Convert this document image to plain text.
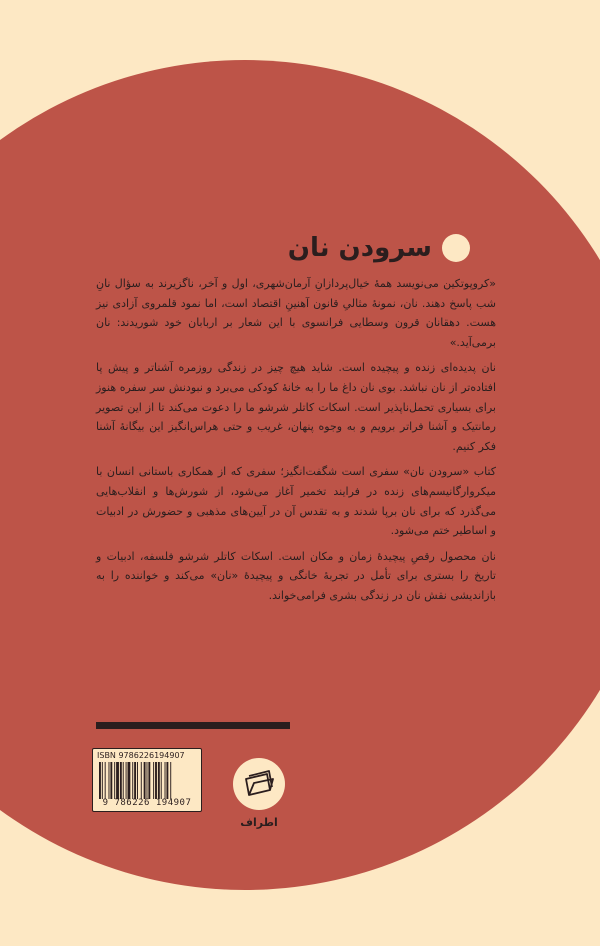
سرودن نان

«کروپوتکین می‌نویسد همهٔ خیال‌پردازانِ آرمان‌شهری، اول و آخر، ناگزیرند به سؤال نانِ شب پاسخ دهند. نان، نمونهٔ مثالیِ قانون آهنینِ اقتصاد است، اما نمود قلمروی آزادی نیز هست. دهقانان قرون وسطایی فرانسوی با این شعار بر اربابان خود شوریدند: نان برمی‌آید.»

نان پدیده‌ای زنده و پیچیده است. شاید هیچ چیز در زندگی روزمره آشناتر و پیش پا افتاده‌تر از نان نباشد. بوی نان داغ ما را به خانهٔ کودکی می‌برد و نبودنش سر سفره هنوز برای بسیاری تحمل‌ناپذیر است. اسکات کاتلر شرشو ما را دعوت می‌کند تا از این تصویر رمانتیک و آشنا فراتر برویم و به وجوه پنهان، غریب و حتی هراس‌انگیز این بیگانهٔ آشنا فکر کنیم.

کتاب «سرودن نان» سفری است شگفت‌انگیز؛ سفری که از همکاری باستانی انسان با میکروارگانیسم‌های زنده در فرایند تخمیر آغاز می‌شود، از شورش‌ها و انقلاب‌هایی می‌گذرد که برای نان برپا شدند و به تقدس آن در آیین‌های مذهبی و حضورش در ادبیات و اساطیر ختم می‌شود.

نان محصول رقصِ پیچیدهٔ زمان و مکان است. اسکات کاتلر شرشو فلسفه، ادبیات و تاریخ را بستری برای تأمل در تجربهٔ خانگی و پیچیدهٔ «نان» می‌کند و خواننده را به بازاندیشی نقش نان در زندگی بشری فرامی‌خواند.

ISBN 9786226194907
9 786226 194907
اطراف
